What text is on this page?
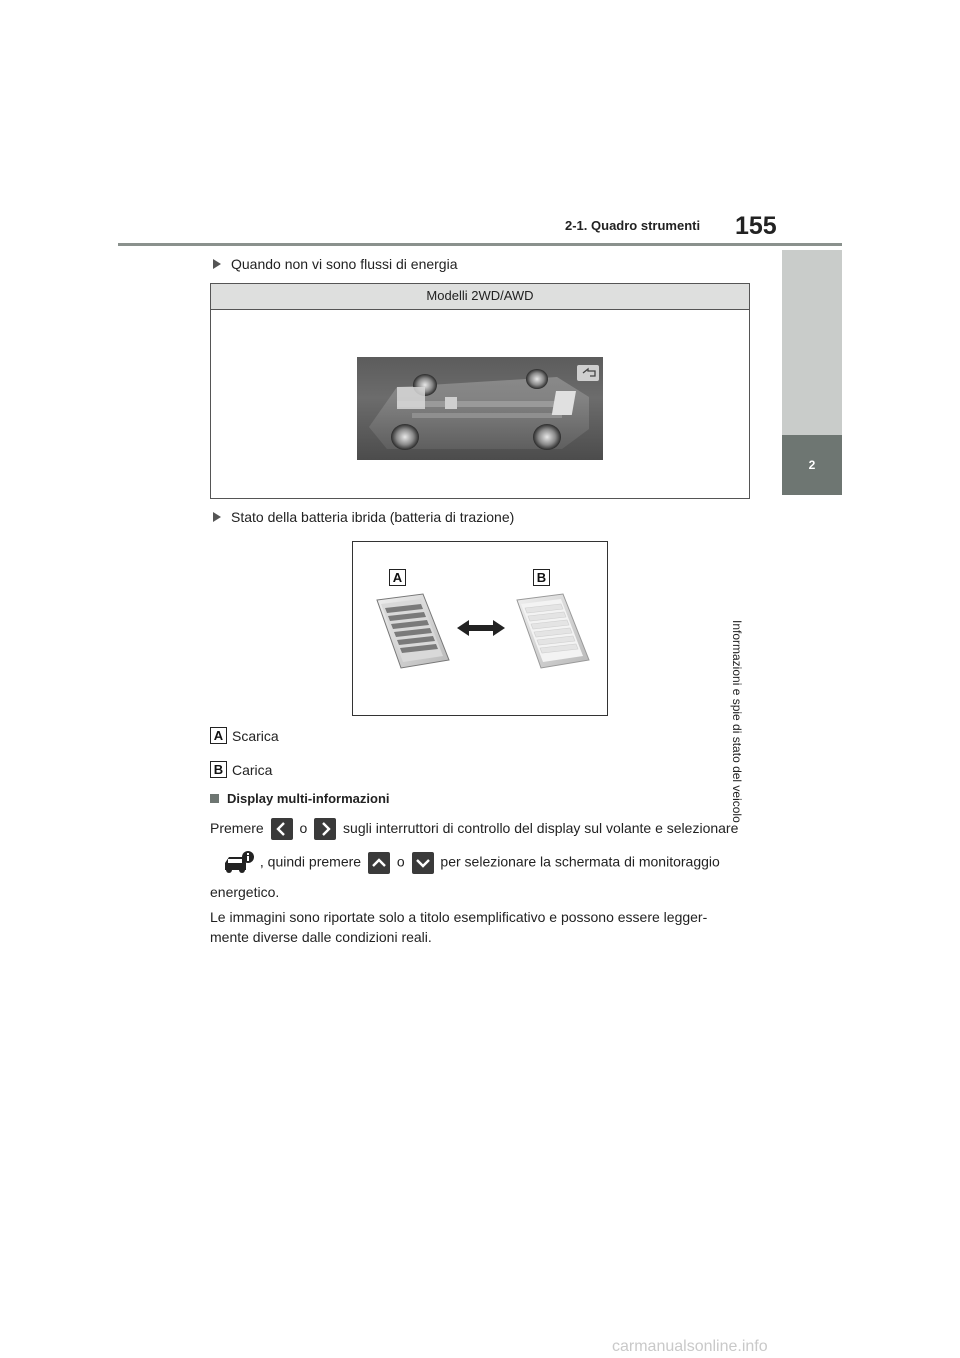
2-1. Quadro strumenti 155
2
Informazioni e spie di stato del veicolo
Quando non vi sono flussi di energia
Modelli 2WD/AWD
Stato della batteria ibrida (batteria di trazione)
A	B
A Scarica
B Carica
Display multi-informazioni
Premere	o	sugli interruttori di controllo del display sul volante e selezionare
, quindi premere	o	per selezionare la schermata di monitoraggio
energetico.
Le immagini sono riportate solo a titolo esemplificativo e possono essere legger-
mente diverse dalle condizioni reali.
carmanualsonline.info
